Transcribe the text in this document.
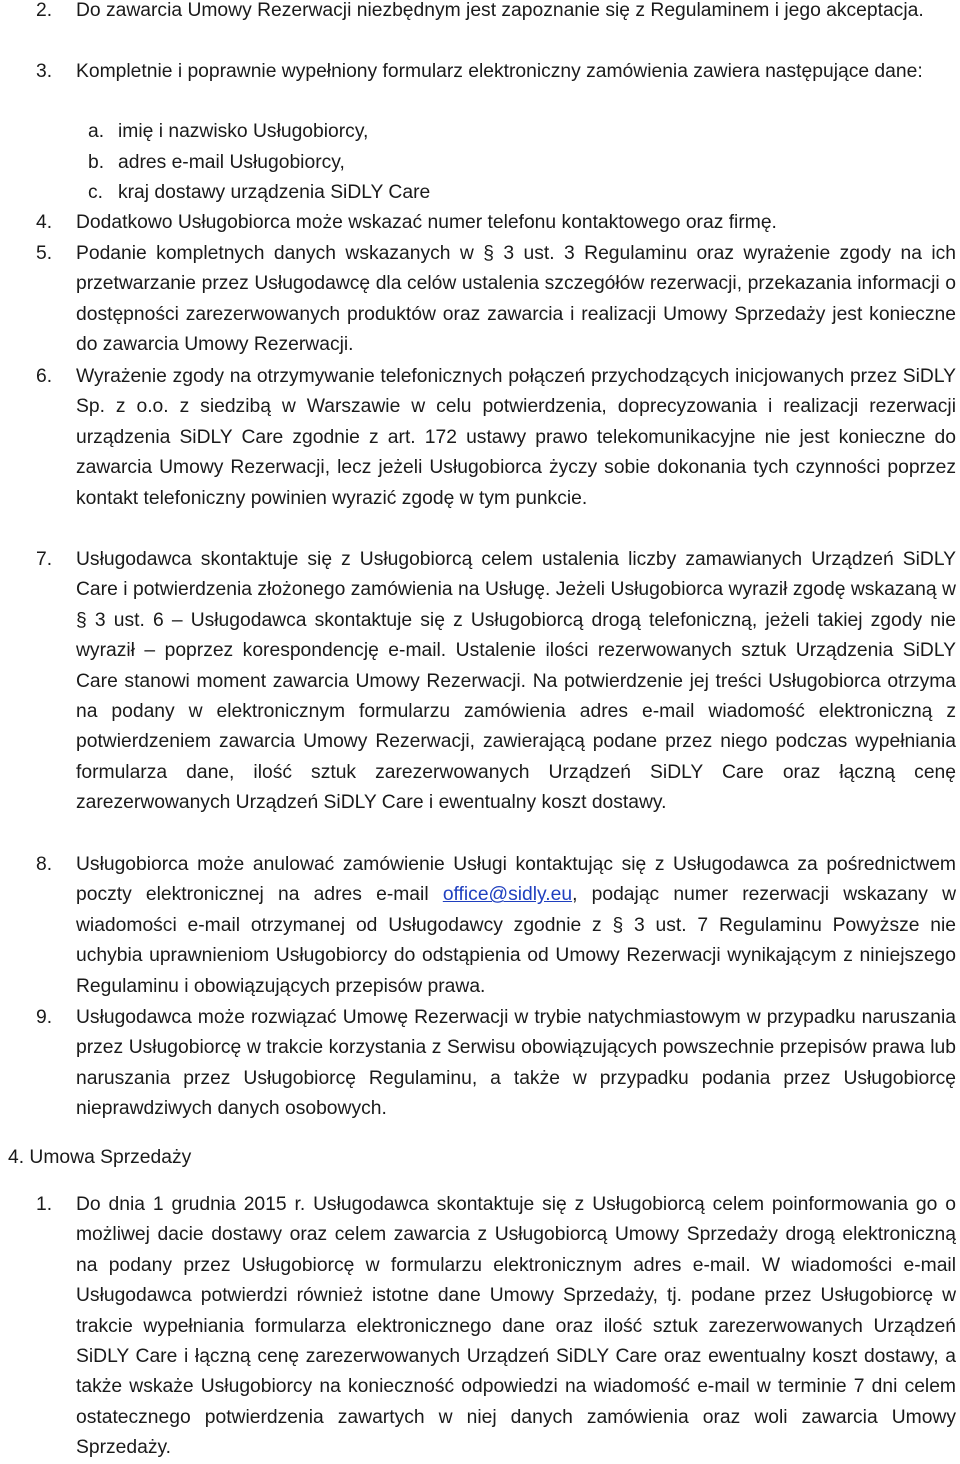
2. Do zawarcia Umowy Rezerwacji niezbędnym jest zapoznanie się z Regulaminem i jego akceptacja.
3. Kompletnie i poprawnie wypełniony formularz elektroniczny zamówienia zawiera następujące dane:
a. imię i nazwisko Usługobiorcy,
b. adres e-mail Usługobiorcy,
c. kraj dostawy urządzenia SiDLY Care
4. Dodatkowo Usługobiorca może wskazać numer telefonu kontaktowego oraz firmę.
5. Podanie kompletnych danych wskazanych w § 3 ust. 3 Regulaminu oraz wyrażenie zgody na ich przetwarzanie przez Usługodawcę dla celów ustalenia szczegółów rezerwacji, przekazania informacji o dostępności zarezerwowanych produktów oraz zawarcia i realizacji Umowy Sprzedaży jest konieczne do zawarcia Umowy Rezerwacji.
6. Wyrażenie zgody na otrzymywanie telefonicznych połączeń przychodzących inicjowanych przez SiDLY Sp. z o.o. z siedzibą w Warszawie w celu potwierdzenia, doprecyzowania i realizacji rezerwacji urządzenia SiDLY Care zgodnie z art. 172 ustawy prawo telekomunikacyjne nie jest konieczne do zawarcia Umowy Rezerwacji, lecz jeżeli Usługobiorca życzy sobie dokonania tych czynności poprzez kontakt telefoniczny powinien wyrazić zgodę w tym punkcie.
7. Usługodawca skontaktuje się z Usługobiorcą celem ustalenia liczby zamawianych Urządzeń SiDLY Care i potwierdzenia złożonego zamówienia na Usługę. Jeżeli Usługobiorca wyraził zgodę wskazaną w § 3 ust. 6 – Usługodawca skontaktuje się z Usługobiorcą drogą telefoniczną, jeżeli takiej zgody nie wyraził – poprzez korespondencję e-mail. Ustalenie ilości rezerwowanych sztuk Urządzenia SiDLY Care stanowi moment zawarcia Umowy Rezerwacji. Na potwierdzenie jej treści Usługobiorca otrzyma na podany w elektronicznym formularzu zamówienia adres e-mail wiadomość elektroniczną z potwierdzeniem zawarcia Umowy Rezerwacji, zawierającą podane przez niego podczas wypełniania formularza dane, ilość sztuk zarezerwowanych Urządzeń SiDLY Care oraz łączną cenę zarezerwowanych Urządzeń SiDLY Care i ewentualny koszt dostawy.
8. Usługobiorca może anulować zamówienie Usługi kontaktując się z Usługodawca za pośrednictwem poczty elektronicznej na adres e-mail office@sidly.eu, podając numer rezerwacji wskazany w wiadomości e-mail otrzymanej od Usługodawcy zgodnie z § 3 ust. 7 Regulaminu Powyższe nie uchybia uprawnieniom Usługobiorcy do odstąpienia od Umowy Rezerwacji wynikającym z niniejszego Regulaminu i obowiązujących przepisów prawa.
9. Usługodawca może rozwiązać Umowę Rezerwacji w trybie natychmiastowym w przypadku naruszania przez Usługobiorcę w trakcie korzystania z Serwisu obowiązujących powszechnie przepisów prawa lub naruszania przez Usługobiorcę Regulaminu, a także w przypadku podania przez Usługobiorcę nieprawdziwych danych osobowych.
4. Umowa Sprzedaży
1. Do dnia 1 grudnia 2015 r. Usługodawca skontaktuje się z Usługobiorcą celem poinformowania go o możliwej dacie dostawy oraz celem zawarcia z Usługobiorcą Umowy Sprzedaży drogą elektroniczną na podany przez Usługobiorcę w formularzu elektronicznym adres e-mail. W wiadomości e-mail Usługodawca potwierdzi również istotne dane Umowy Sprzedaży, tj. podane przez Usługobiorcę w trakcie wypełniania formularza elektronicznego dane oraz ilość sztuk zarezerwowanych Urządzeń SiDLY Care i łączną cenę zarezerwowanych Urządzeń SiDLY Care oraz ewentualny koszt dostawy, a także wskaże Usługobiorcy na konieczność odpowiedzi na wiadomość e-mail w terminie 7 dni celem ostatecznego potwierdzenia zawartych w niej danych zamówienia oraz woli zawarcia Umowy Sprzedaży.
